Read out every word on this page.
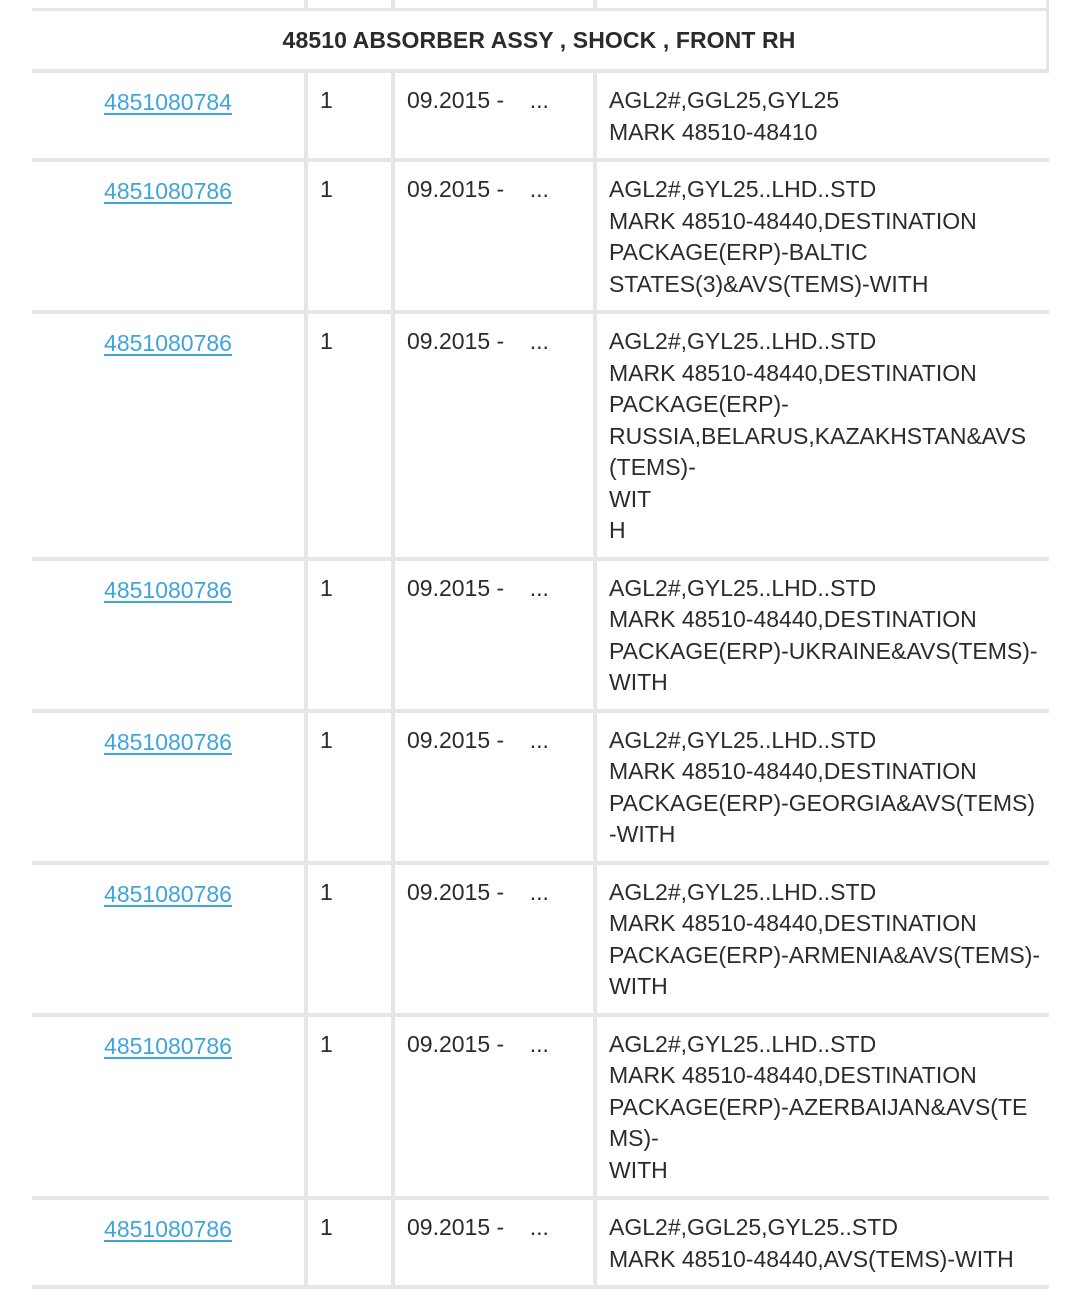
48510 ABSORBER ASSY , SHOCK , FRONT RH
4851080784	1	09.2015 -    ...	AGL2#,GGL25,GYL25
MARK 48510-48410
4851080786	1	09.2015 -    ...	AGL2#,GYL25..LHD..STD
MARK 48510-48440,DESTINATION
PACKAGE(ERP)-BALTIC
STATES(3)&AVS(TEMS)-WITH
4851080786	1	09.2015 -    ...	AGL2#,GYL25..LHD..STD
MARK 48510-48440,DESTINATION
PACKAGE(ERP)-
RUSSIA,BELARUS,KAZAKHSTAN&AVS(TEMS)-
WIT
H
4851080786	1	09.2015 -    ...	AGL2#,GYL25..LHD..STD
MARK 48510-48440,DESTINATION
PACKAGE(ERP)-UKRAINE&AVS(TEMS)-WITH
4851080786	1	09.2015 -    ...	AGL2#,GYL25..LHD..STD
MARK 48510-48440,DESTINATION
PACKAGE(ERP)-GEORGIA&AVS(TEMS)-WITH
4851080786	1	09.2015 -    ...	AGL2#,GYL25..LHD..STD
MARK 48510-48440,DESTINATION
PACKAGE(ERP)-ARMENIA&AVS(TEMS)-WITH
4851080786	1	09.2015 -    ...	AGL2#,GYL25..LHD..STD
MARK 48510-48440,DESTINATION
PACKAGE(ERP)-AZERBAIJAN&AVS(TEMS)-
WITH
4851080786	1	09.2015 -    ...	AGL2#,GGL25,GYL25..STD
MARK 48510-48440,AVS(TEMS)-WITH
